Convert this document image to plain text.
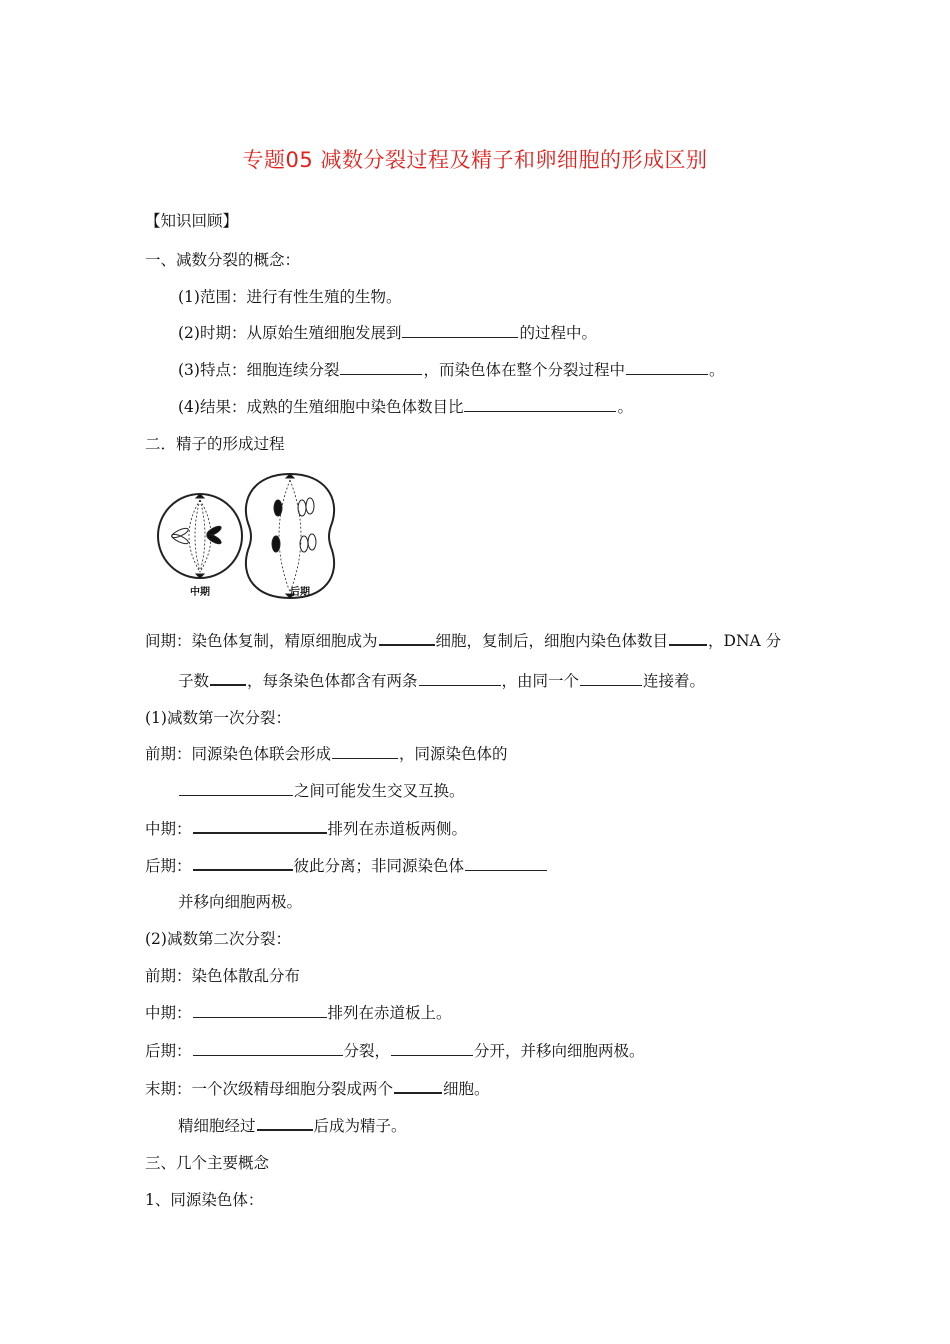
专题05 减数分裂过程及精子和卵细胞的形成区别
【知识回顾】
一、减数分裂的概念：
(1)范围：进行有性生殖的生物。
(2)时期：从原始生殖细胞发展到	的过程中。
(3)特点：细胞连续分裂	，而染色体在整个分裂过程中	。
(4)结果：成熟的生殖细胞中染色体数目比	。
二．精子的形成过程
中期	后期
间期：染色体复制，精原细胞成为	细胞，复制后，细胞内染色体数目	，DNA 分
子数 ，每条染色体都含有两条	，由同一个	连接着。
(1)减数第一次分裂：
前期：同源染色体联会形成	，同源染色体的
之间可能发生交叉互换。
中期：	排列在赤道板两侧。
后期：	彼此分离；非同源染色体
并移向细胞两极。
(2)减数第二次分裂：
前期：染色体散乱分布
中期：	排列在赤道板上。
后期：	分裂，	分开，并移向细胞两极。
末期：一个次级精母细胞分裂成两个	细胞。
精细胞经过	后成为精子。
三、几个主要概念
1、同源染色体：
